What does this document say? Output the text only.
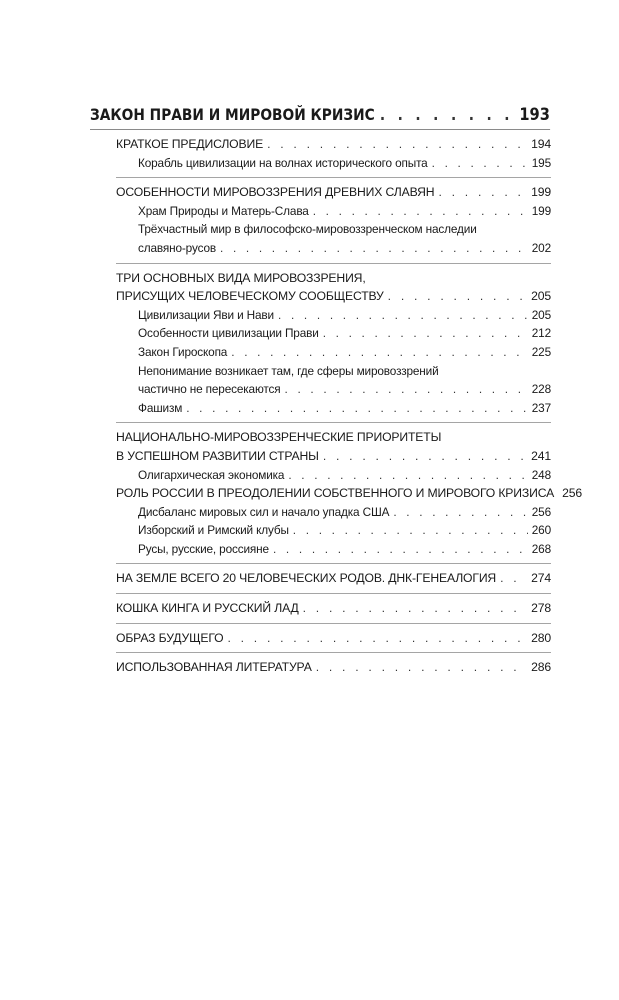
ЗАКОН ПРАВИ И МИРОВОЙ КРИЗИС . . .	193
КРАТКОЕ ПРЕДИСЛОВИЕ . . .	194
Корабль цивилизации на волнах исторического опыта . . .	195
ОСОБЕННОСТИ МИРОВОЗЗРЕНИЯ ДРЕВНИХ СЛАВЯН . . .	199
Храм Природы и Матерь-Слава . . .	199
Трёхчастный мир в философско-мировоззренческом наследии
славяно-русов . . .	202
ТРИ ОСНОВНЫХ ВИДА МИРОВОЗЗРЕНИЯ,
ПРИСУЩИХ ЧЕЛОВЕЧЕСКОМУ СООБЩЕСТВУ . . .	205
Цивилизации Яви и Нави . . .	205
Особенности цивилизации Прави . . .	212
Закон Гироскопа . . .	225
Непонимание возникает там, где сферы мировоззрений
частично не пересекаются . . .	228
Фашизм . . .	237
НАЦИОНАЛЬНО-МИРОВОЗЗРЕНЧЕСКИЕ ПРИОРИТЕТЫ
В УСПЕШНОМ РАЗВИТИИ СТРАНЫ . . .	241
Олигархическая экономика . . .	248
РОЛЬ РОССИИ В ПРЕОДОЛЕНИИ СОБСТВЕННОГО И МИРОВОГО КРИЗИСА 256
Дисбаланс мировых сил и начало упадка США . . .	256
Изборский и Римский клубы . . .	260
Русы, русские, россияне . . .	268
НА ЗЕМЛЕ ВСЕГО 20 ЧЕЛОВЕЧЕСКИХ РОДОВ. ДНК-ГЕНЕАЛОГИЯ . . .	274
КОШКА КИНГА И РУССКИЙ ЛАД . . .	278
ОБРАЗ БУДУЩЕГО . . .	280
ИСПОЛЬЗОВАННАЯ ЛИТЕРАТУРА . . .	286
